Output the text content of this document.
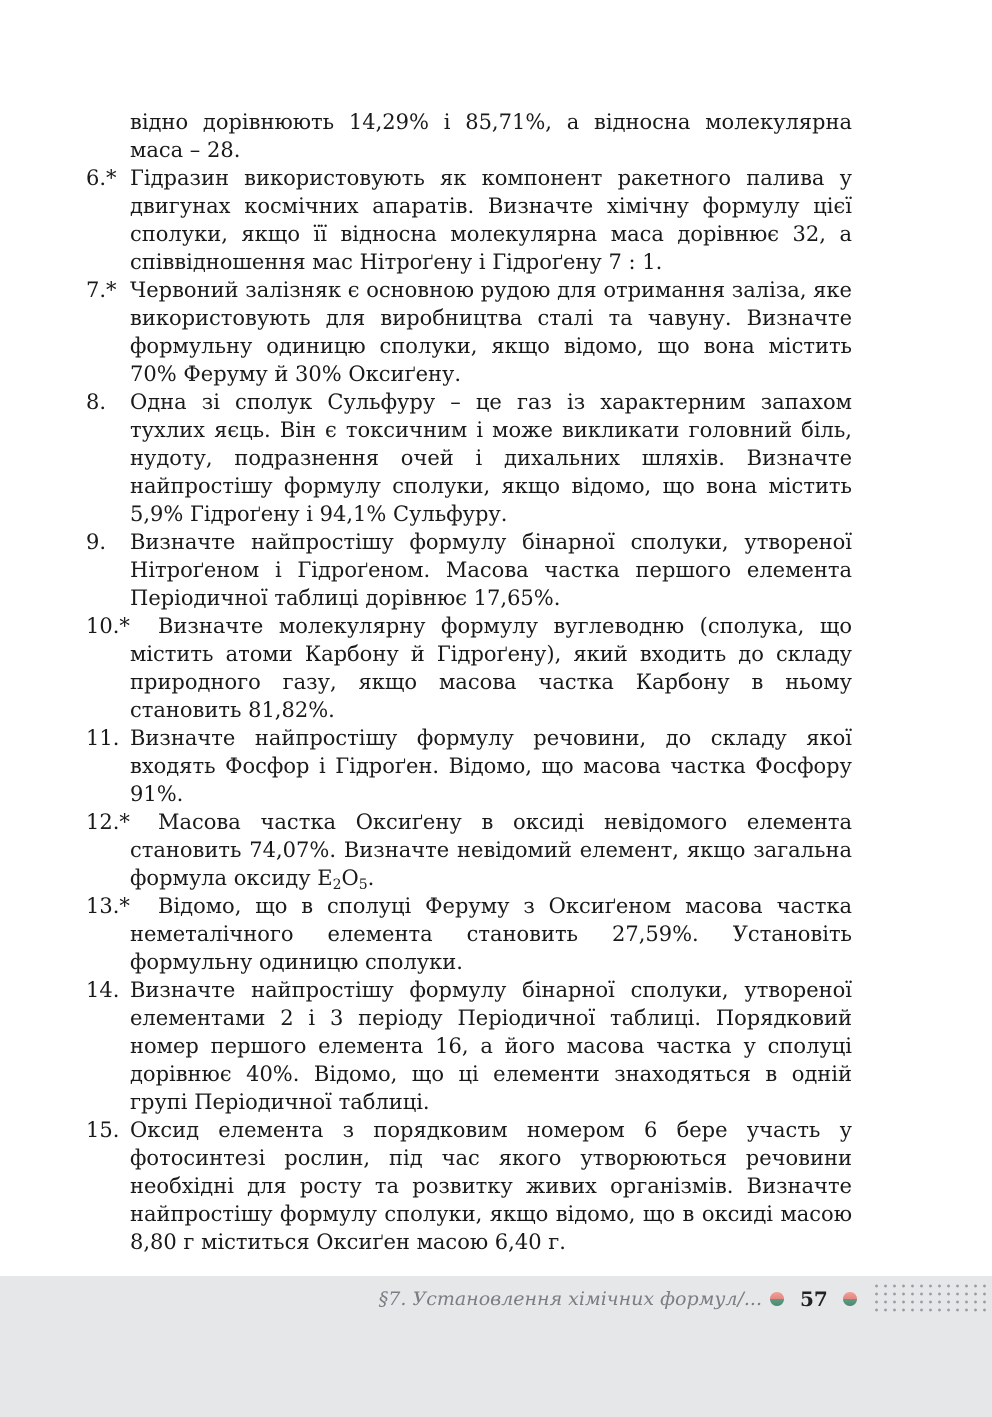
відно дорівнюють 14,29% і 85,71%, а відносна молекулярна маса – 28.
6.* Гідразин використовують як компонент ракетного палива у двигунах космічних апаратів. Визначте хімічну формулу цієї сполуки, якщо її відносна молекулярна маса дорівнює 32, а співвідношення мас Нітроґену і Гідроґену 7 : 1.
7.* Червоний залізняк є основною рудою для отримання заліза, яке використовують для виробництва сталі та чавуну. Визначте формульну одиницю сполуки, якщо відомо, що вона містить 70% Феруму й 30% Оксиґену.
8. Одна зі сполук Сульфуру – це газ із характерним запахом тухлих яєць. Він є токсичним і може викликати головний біль, нудоту, подразнення очей і дихальних шляхів. Визначте найпростішу формулу сполуки, якщо відомо, що вона містить 5,9% Гідроґену і 94,1% Сульфуру.
9. Визначте найпростішу формулу бінарної сполуки, утвореної Нітроґеном і Гідроґеном. Масова частка першого елемента Періодичної таблиці дорівнює 17,65%.
10.* Визначте молекулярну формулу вуглеводню (сполука, що містить атоми Карбону й Гідроґену), який входить до складу природного газу, якщо масова частка Карбону в ньому становить 81,82%.
11. Визначте найпростішу формулу речовини, до складу якої входять Фосфор і Гідроґен. Відомо, що масова частка Фосфору 91%.
12.* Масова частка Оксиґену в оксиді невідомого елемента становить 74,07%. Визначте невідомий елемент, якщо загальна формула оксиду $E_2O_5$.
13.* Відомо, що в сполуці Феруму з Оксиґеном масова частка неметалічного елемента становить 27,59%. Установіть формульну одиницю сполуки.
14. Визначте найпростішу формулу бінарної сполуки, утвореної елементами 2 і 3 періоду Періодичної таблиці. Порядковий номер першого елемента 16, а його масова частка у сполуці дорівнює 40%. Відомо, що ці елементи знаходяться в одній групі Періодичної таблиці.
15. Оксид елемента з порядковим номером 6 бере участь у фотосинтезі рослин, під час якого утворюються речовини необхідні для росту та розвитку живих організмів. Визначте найпростішу формулу сполуки, якщо відомо, що в оксиді масою 8,80 г міститься Оксиґен масою 6,40 г.
§7. Установлення хімічних формул/... 57
